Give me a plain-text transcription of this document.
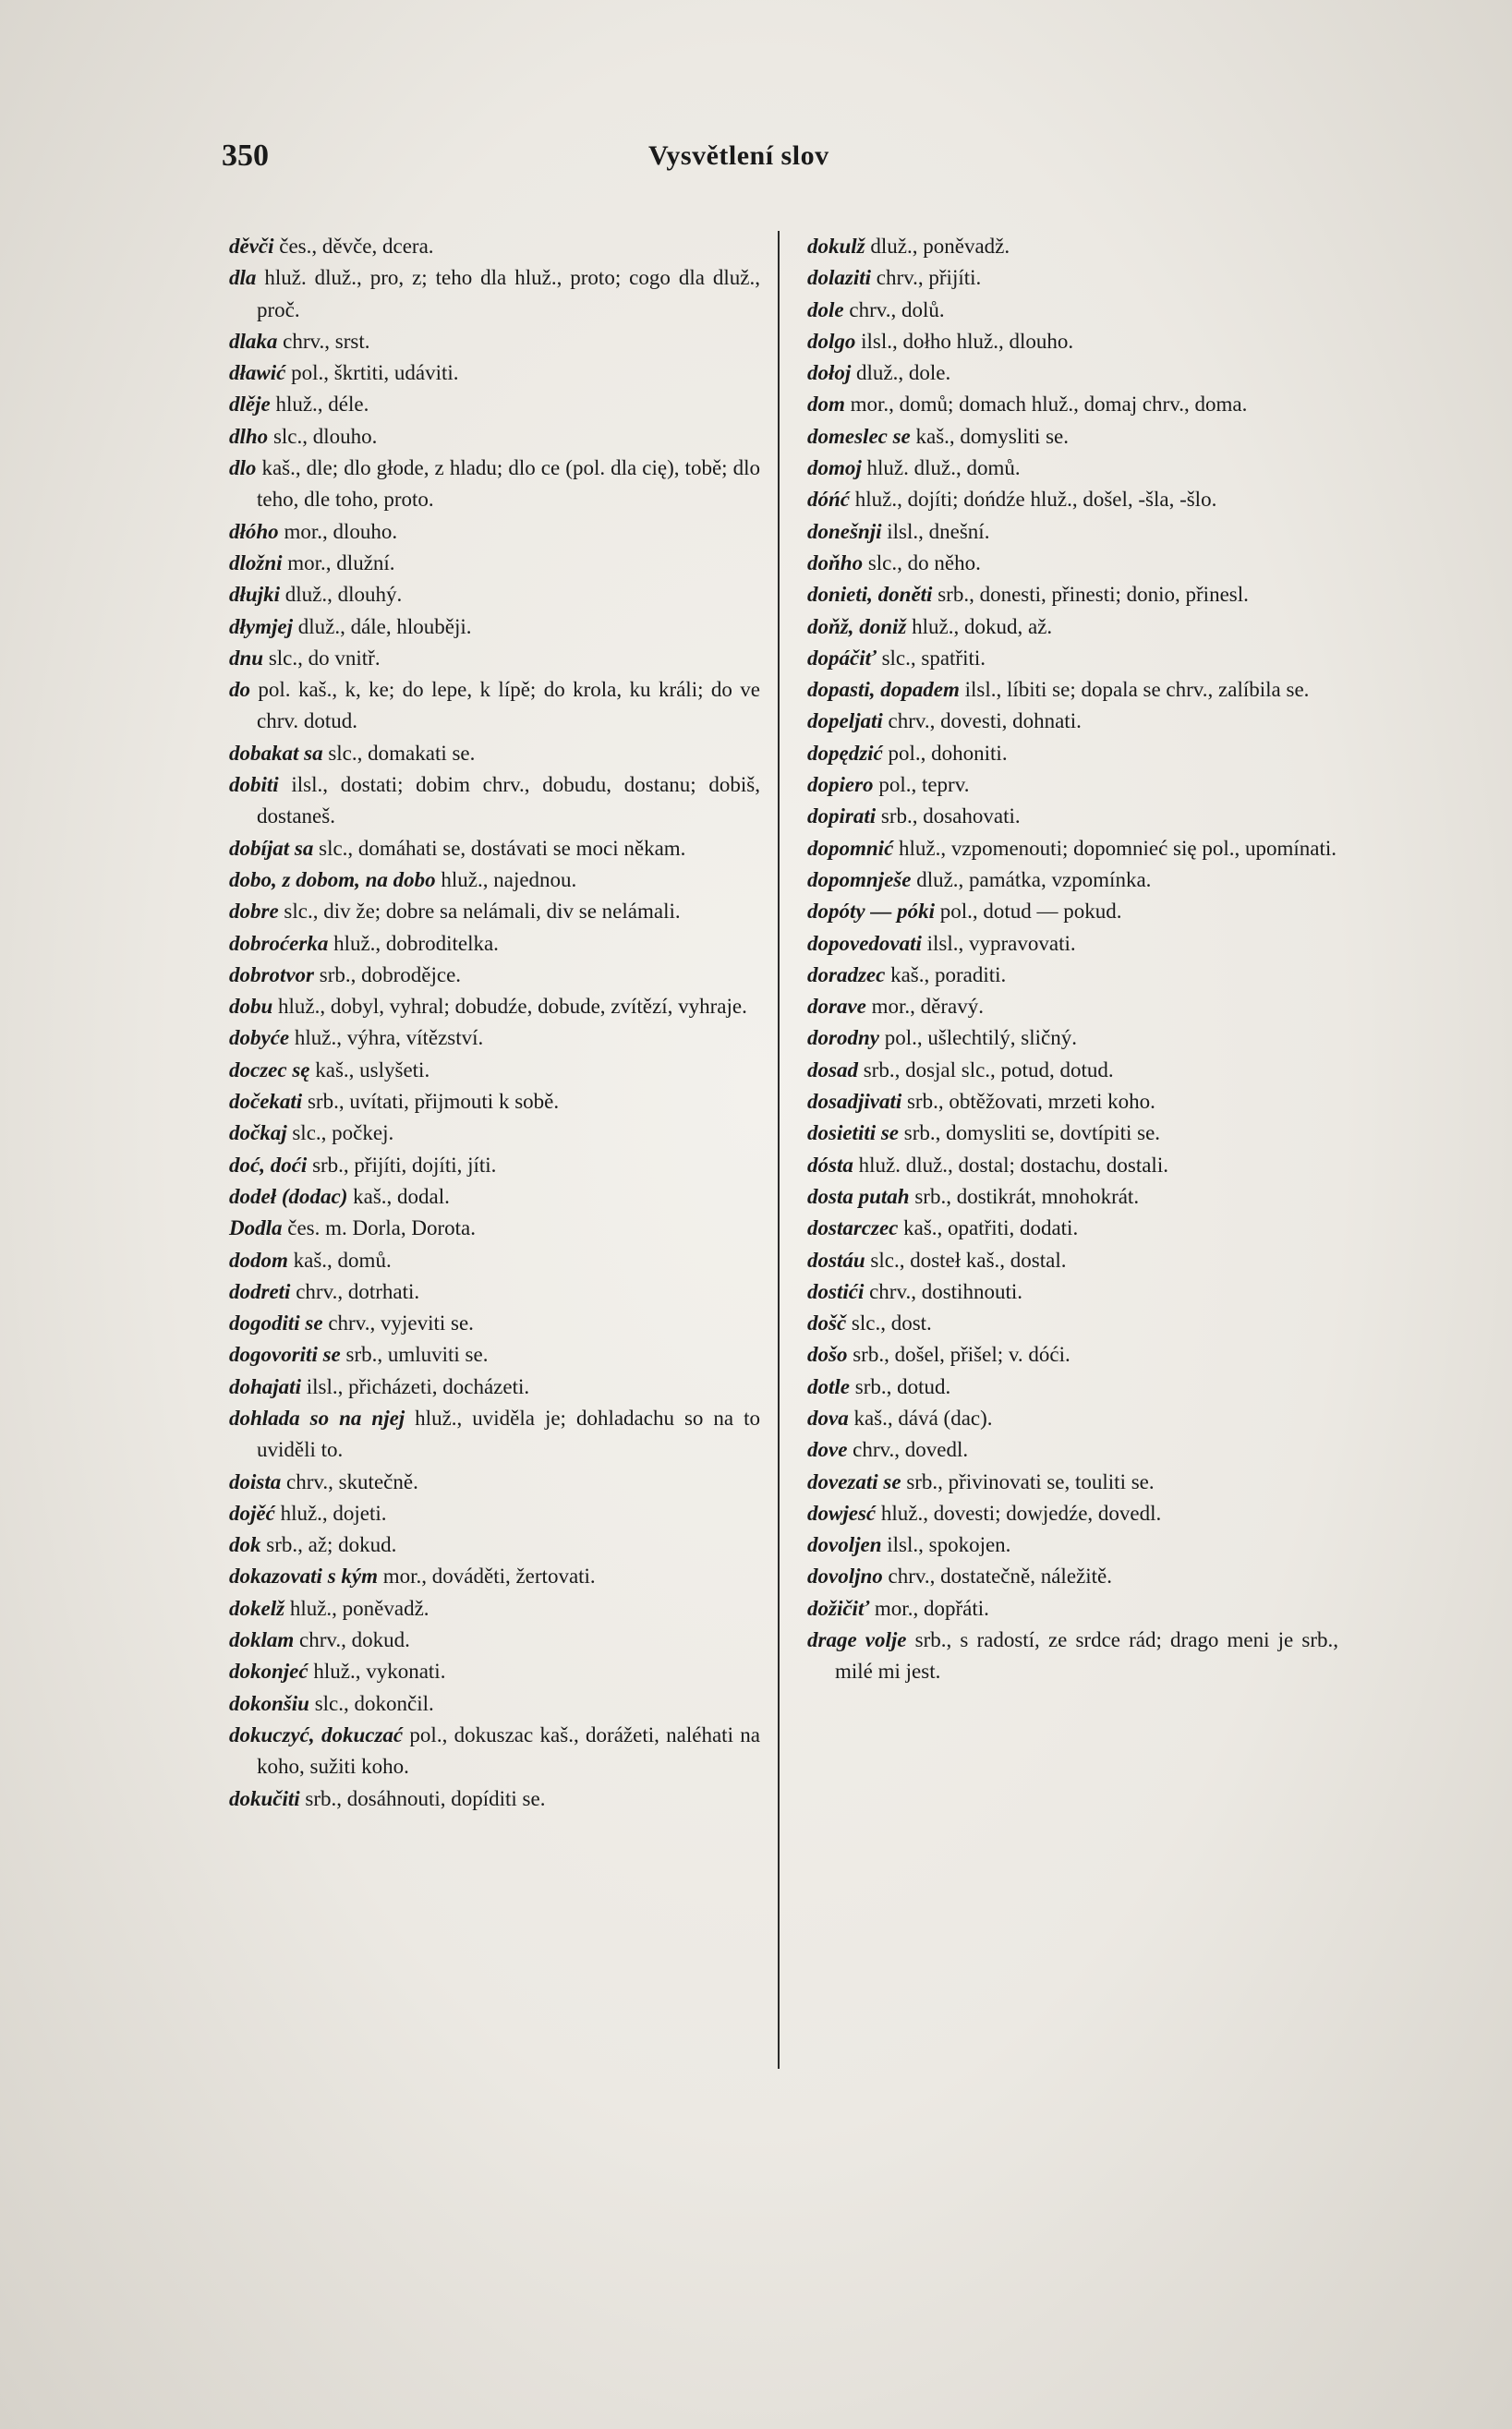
350	Vysvětlení slov
děvči čes., děvče, dcera.
dla hluž. dluž., pro, z; teho dla hluž., proto; cogo dla dluž., proč.
dlaka chrv., srst.
dławić pol., škrtiti, udáviti.
dlěje hluž., déle.
dlho slc., dlouho.
dlo kaš., dle; dlo głode, z hladu; dlo ce (pol. dla cię), tobě; dlo teho, dle toho, proto.
dłóho mor., dlouho.
dložni mor., dlužní.
dłujki dluž., dlouhý.
dłymjej dluž., dále, hlouběji.
dnu slc., do vnitř.
do pol. kaš., k, ke; do lepe, k lípě; do krola, ku králi; do ve chrv. dotud.
dobakat sa slc., domakati se.
dobiti ilsl., dostati; dobim chrv., dobudu, dostanu; dobiš, dostaneš.
dobíjat sa slc., domáhati se, dostávati se moci někam.
dobo, z dobom, na dobo hluž., najednou.
dobre slc., div že; dobre sa nelámali, div se nelámali.
dobroćerka hluž., dobroditelka.
dobrotvor srb., dobrodějce.
dobu hluž., dobyl, vyhral; dobudźe, dobude, zvítězí, vyhraje.
dobyće hluž., výhra, vítězství.
doczec sę kaš., uslyšeti.
dočekati srb., uvítati, přijmouti k sobě.
dočkaj slc., počkej.
doć, doći srb., přijíti, dojíti, jíti.
dodeł (dodac) kaš., dodal.
Dodla čes. m. Dorla, Dorota.
dodom kaš., domů.
dodreti chrv., dotrhati.
dogoditi se chrv., vyjeviti se.
dogovoriti se srb., umluviti se.
dohajati ilsl., přicházeti, docházeti.
dohlada so na njej hluž., uviděla je; dohladachu so na to uviděli to.
doista chrv., skutečně.
dojěć hluž., dojeti.
dok srb., až; dokud.
dokazovati s kým mor., dováděti, žertovati.
dokelž hluž., poněvadž.
doklam chrv., dokud.
dokonjeć hluž., vykonati.
dokonšiu slc., dokončil.
dokuczyć, dokuczać pol., dokuszac kaš., dorážeti, naléhati na koho, sužiti koho.
dokučiti srb., dosáhnouti, dopíditi se.
dokulž dluž., poněvadž.
dolaziti chrv., přijíti.
dole chrv., dolů.
dolgo ilsl., dołho hluž., dlouho.
dołoj dluž., dole.
dom mor., domů; domach hluž., domaj chrv., doma.
domeslec se kaš., domysliti se.
domoj hluž. dluž., domů.
dóńć hluž., dojíti; dońdźe hluž., došel, -šla, -šlo.
donešnji ilsl., dnešní.
doňho slc., do něho.
donieti, doněti srb., donesti, přinesti; donio, přinesl.
doňž, doniž hluž., dokud, až.
dopáčiť slc., spatřiti.
dopasti, dopadem ilsl., líbiti se; dopala se chrv., zalíbila se.
dopeljati chrv., dovesti, dohnati.
dopędzić pol., dohoniti.
dopiero pol., teprv.
dopirati srb., dosahovati.
dopomnić hluž., vzpomenouti; dopomnieć się pol., upomínati.
dopomnješe dluž., památka, vzpomínka.
dopóty — póki pol., dotud — pokud.
dopovedovati ilsl., vypravovati.
doradzec kaš., poraditi.
dorave mor., děravý.
dorodny pol., ušlechtilý, sličný.
dosad srb., dosjal slc., potud, dotud.
dosadjivati srb., obtěžovati, mrzeti koho.
dosietiti se srb., domysliti se, dovtípiti se.
dósta hluž. dluž., dostal; dostachu, dostali.
dosta putah srb., dostikrát, mnohokrát.
dostarczec kaš., opatřiti, dodati.
dostáu slc., dosteł kaš., dostal.
dostići chrv., dostihnouti.
došč slc., dost.
došo srb., došel, přišel; v. dóći.
dotle srb., dotud.
dova kaš., dává (dac).
dove chrv., dovedl.
dovezati se srb., přivinovati se, touliti se.
dowjesć hluž., dovesti; dowjedźe, dovedl.
dovoljen ilsl., spokojen.
dovoljno chrv., dostatečně, náležitě.
dožičiť mor., dopřáti.
drage volje srb., s radostí, ze srdce rád; drago meni je srb., milé mi jest.
